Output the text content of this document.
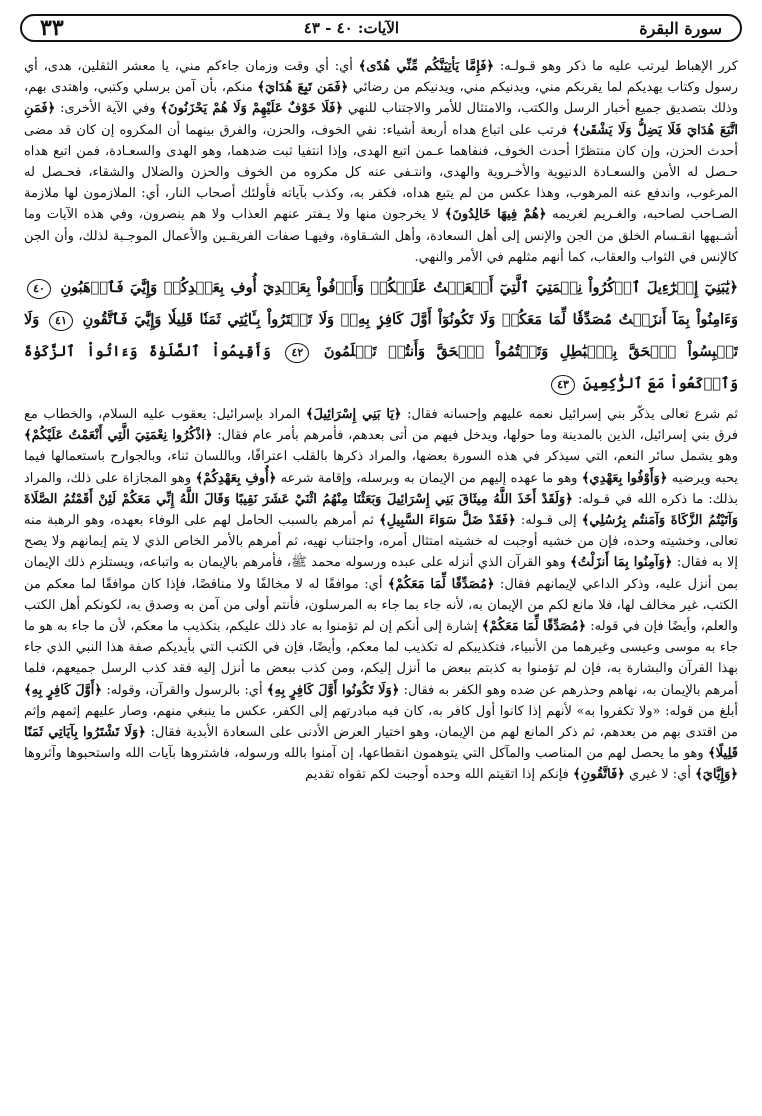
سورة البقرة
الآيات: ٤٠ - ٤٣
٣٣

كرر الإهباط ليرتب عليه ما ذكر وهو قـولـه: ﴿فَإِمَّا يَأْتِيَنَّكُم مِّنِّي هُدًى﴾ أي: أي وقت وزمان جاءكم مني، يا معشر الثقلين، هدى، أي رسول وكتاب يهديكم لما يقربكم مني، ويدنيكم مني، ويدنيكم من رضائي ﴿فَمَن تَبِعَ هُدَايَ﴾ منكم، بأن آمن برسلي وكتبي، واهتدى بهم، وذلك بتصديق جميع أخبار الرسل والكتب، والامتثال للأمر والاجتناب للنهي ﴿فَلَا خَوْفٌ عَلَيْهِمْ وَلَا هُمْ يَحْزَنُونَ﴾ وفي الآية الأخرى: ﴿فَمَنِ اتَّبَعَ هُدَايَ فَلَا يَضِلُّ وَلَا يَشْقَىٰ﴾ فرتب على اتباع هداه أربعة أشياء: نفي الخوف، والحزن، والفرق بينهما أن المكروه إن كان قد مضى أحدث الحزن، وإن كان منتظرًا أحدث الخوف، فنفاهما عـمن اتبع الهدى، وإذا انتفيا ثبت ضدهما، وهو الهدى والسعـادة، فمن اتبع هداه حـصل له الأمن والسعـادة الدنيوية والأخـروية والهدى، وانتـفى عنه كل مكروه من الخوف والحزن والضلال والشقاء، فحـصل له المرغوب، واندفع عنه المرهوب، وهذا عكس من لم يتبع هداه، فكفر به، وكذب بآياته فأولئك أصحاب النار، أي: الملازمون لها ملازمة الصـاحب لصاحبه، والغـريم لغريمه ﴿هُمْ فِيهَا خَالِدُونَ﴾ لا يخرجون منها ولا يـفتر عنهم العذاب ولا هم ينصرون، وفي هذه الآيات وما أشـبهها انقـسام الخلق من الجن والإنس إلى أهل السعادة، وأهل الشـقاوة، وفيهـا صفات الفريقـين والأعمال الموجـبة لذلك، وأن الجن كالإنس في الثواب والعقاب، كما أنهم مثلهم في الأمر والنهي.

﴿يَٰبَنِيٓ إِسۡرَٰٓءِيلَ ٱذۡكُرُواْ نِعۡمَتِيَ ٱلَّتِيٓ أَنۡعَمۡتُ عَلَيۡكُمۡ وَأَوۡفُواْ بِعَهۡدِيٓ أُوفِ بِعَهۡدِكُمۡ وَإِيَّٰيَ فَٱرۡهَبُونِ ٤٠ وَءَامِنُواْ بِمَآ أَنزَلۡتُ مُصَدِّقٗا لِّمَا مَعَكُمۡ وَلَا تَكُونُوٓاْ أَوَّلَ كَافِرِۢ بِهِۦۖ وَلَا تَشۡتَرُواْ بِـَٔايَٰتِي ثَمَنٗا قَلِيلٗا وَإِيَّٰيَ فَٱتَّقُونِ ٤١ وَلَا تَلۡبِسُواْ ٱلۡحَقَّ بِٱلۡبَٰطِلِ وَتَكۡتُمُواْ ٱلۡحَقَّ وَأَنتُمۡ تَعۡلَمُونَ ٤٢ وَأَقِيمُواْ ٱلصَّلَوٰةَ وَءَاتُواْ ٱلزَّكَوٰةَ وَٱرۡكَعُواْ مَعَ ٱلرَّٰكِعِينَ ٤٣

ثم شرع تعالى يذكّر بني إسرائيل نعمه عليهم وإحسانه فقال: ﴿يَا بَنِي إِسْرَائِيلَ﴾ المراد بإسرائيل: يعقوب عليه السلام، والخطاب مع فرق بني إسرائيل، الذين بالمدينة وما حولها، ويدخل فيهم من أتى بعدهم، فأمرهم بأمر عام فقال: ﴿اذْكُرُوا نِعْمَتِيَ الَّتِي أَنْعَمْتُ عَلَيْكُمْ﴾ وهو يشمل سائر النعم، التي سيذكر في هذه السورة بعضها، والمراد ذكرها بالقلب اعترافًا، وباللسان ثناء، وبالجوارح باستعمالها فيما يحبه ويرضيه ﴿وَأَوْفُوا بِعَهْدِي﴾ وهو ما عهده إليهم من الإيمان به وبرسله، وإقامة شرعه ﴿أُوفِ بِعَهْدِكُمْ﴾ وهو المجازاة على ذلك، والمراد بذلك: ما ذكره الله في قـوله: ﴿وَلَقَدْ أَخَذَ اللَّهُ مِيثَاقَ بَنِي إِسْرَائِيلَ وَبَعَثْنَا مِنْهُمُ اثْنَيْ عَشَرَ نَقِيبًا وَقَالَ اللَّهُ إِنِّي مَعَكُمْ لَئِنْ أَقَمْتُمُ الصَّلَاةَ وَآتَيْتُمُ الزَّكَاةَ وَآمَنتُم بِرُسُلِي﴾ إلى قـوله: ﴿فَقَدْ ضَلَّ سَوَاءَ السَّبِيلِ﴾ ثم أمرهم بالسبب الحامل لهم على الوفاء بعهده، وهو الرهبة منه تعالى، وخشيته وحده، فإن من خشيه أوجبت له خشيته امتثال أمره، واجتناب نهيه، ثم أمرهم بالأمر الخاص الذي لا يتم إيمانهم ولا يصح إلا به فقال: ﴿وَآمِنُوا بِمَا أَنزَلْتُ﴾ وهو القرآن الذي أنزله على عبده ورسوله محمد ﷺ، فأمرهم بالإيمان به واتباعه، ويستلزم ذلك الإيمان بمن أنزل عليه، وذكر الداعي لإيمانهم فقال: ﴿مُصَدِّقًا لِّمَا مَعَكُمْ﴾ أي: موافقًا له لا مخالفًا ولا مناقضًا، فإذا كان موافقًا لما معكم من الكتب، غير مخالف لها، فلا مانع لكم من الإيمان به، لأنه جاء بما جاء به المرسلون، فأنتم أولى من آمن به وصدق به، لكونكم أهل الكتب والعلم، وأيضًا فإن في قوله: ﴿مُصَدِّقًا لِّمَا مَعَكُمْ﴾ إشارة إلى أنكم إن لم تؤمنوا به عاد ذلك عليكم، بتكذيب ما معكم، لأن ما جاء به هو ما جاء به موسى وعيسى وغيرهما من الأنبياء، فتكذيبكم له تكذيب لما معكم، وأيضًا، فإن في الكتب التي بأيديكم صفة هذا النبي الذي جاء بهذا القرآن والبشارة به، فإن لم تؤمنوا به كذبتم ببعض ما أنزل إليكم، ومن كذب ببعض ما أنزل إليه فقد كذب الرسل جميعهم، فلما أمرهم بالإيمان به، نهاهم وحذرهم عن ضده وهو الكفر به فقال: ﴿وَلَا تَكُونُوا أَوَّلَ كَافِرٍ بِهِ﴾ أي: بالرسول والقرآن، وقوله: ﴿أَوَّلَ كَافِرٍ بِهِ﴾ أبلغ من قوله: «ولا تكفروا به» لأنهم إذا كانوا أول كافر به، كان فيه مبادرتهم إلى الكفر، عكس ما ينبغي منهم، وصار عليهم إثمهم وإثم من اقتدى بهم من بعدهم، ثم ذكر المانع لهم من الإيمان، وهو اختيار العرض الأدنى على السعادة الأبدية فقال: ﴿وَلَا تَشْتَرُوا بِآيَاتِي ثَمَنًا قَلِيلًا﴾ وهو ما يحصل لهم من المناصب والمآكل التي يتوهمون انقطاعها، إن آمنوا بالله ورسوله، فاشتروها بآيات الله واستحبوها وآثروها ﴿وَإِيَّايَ﴾ أي: لا غيري ﴿فَاتَّقُونِ﴾ فإنكم إذا اتقيتم الله وحده أوجبت لكم تقواه تقديم
